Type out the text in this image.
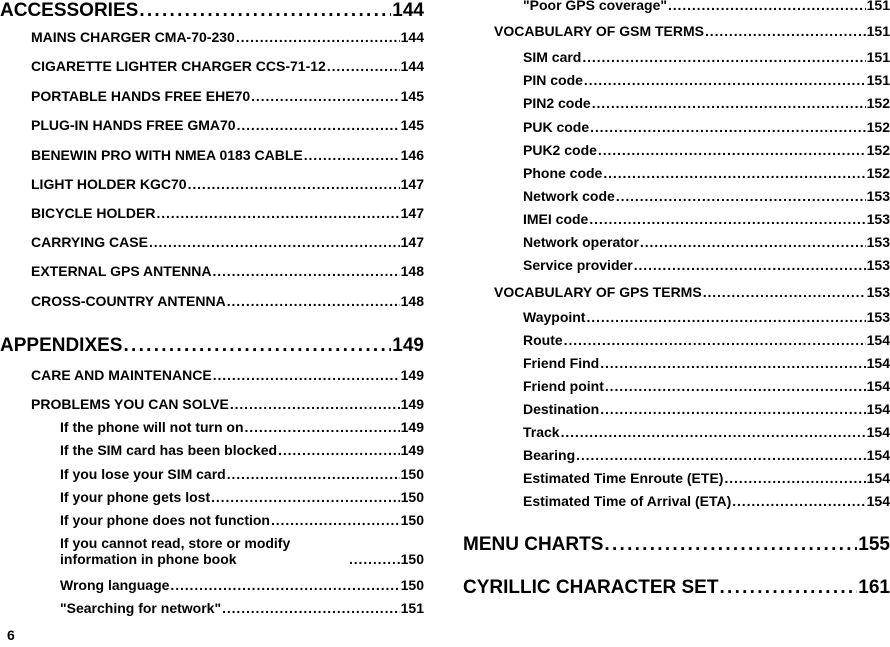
ACCESSORIES . . .	144
MAINS CHARGER CMA-70-230 . . .	144
CIGARETTE LIGHTER CHARGER CCS-71-12 . . .	144
PORTABLE HANDS FREE EHE70 . . .	145
PLUG-IN HANDS FREE GMA70 . . .	145
BENEWIN PRO WITH NMEA 0183 CABLE . . .	146
LIGHT HOLDER KGC70 . . .	147
BICYCLE HOLDER . . .	147
CARRYING CASE . . .	147
EXTERNAL GPS ANTENNA . . .	148
CROSS-COUNTRY ANTENNA . . .	148
APPENDIXES . . .	149
CARE AND MAINTENANCE . . .	149
PROBLEMS YOU CAN SOLVE . . .	149
If the phone will not turn on . . .	149
If the SIM card has been blocked . . .	149
If you lose your SIM card . . .	150
If your phone gets lost . . .	150
If your phone does not function . . .	150
If you cannot read, store or modify information in phone book . . .	150
Wrong language . . .	150
"Searching for network" . . .	151
"Poor GPS coverage" . . .	151
VOCABULARY OF GSM TERMS . . .	151
SIM card . . .	151
PIN code . . .	151
PIN2 code . . .	152
PUK code . . .	152
PUK2 code . . .	152
Phone code . . .	152
Network code . . .	153
IMEI code . . .	153
Network operator . . .	153
Service provider . . .	153
VOCABULARY OF GPS TERMS . . .	153
Waypoint . . .	153
Route . . .	154
Friend Find . . .	154
Friend point . . .	154
Destination . . .	154
Track . . .	154
Bearing . . .	154
Estimated Time Enroute (ETE) . . .	154
Estimated Time of Arrival (ETA) . . .	154
MENU CHARTS . . .	155
CYRILLIC CHARACTER SET . . .	161
6
